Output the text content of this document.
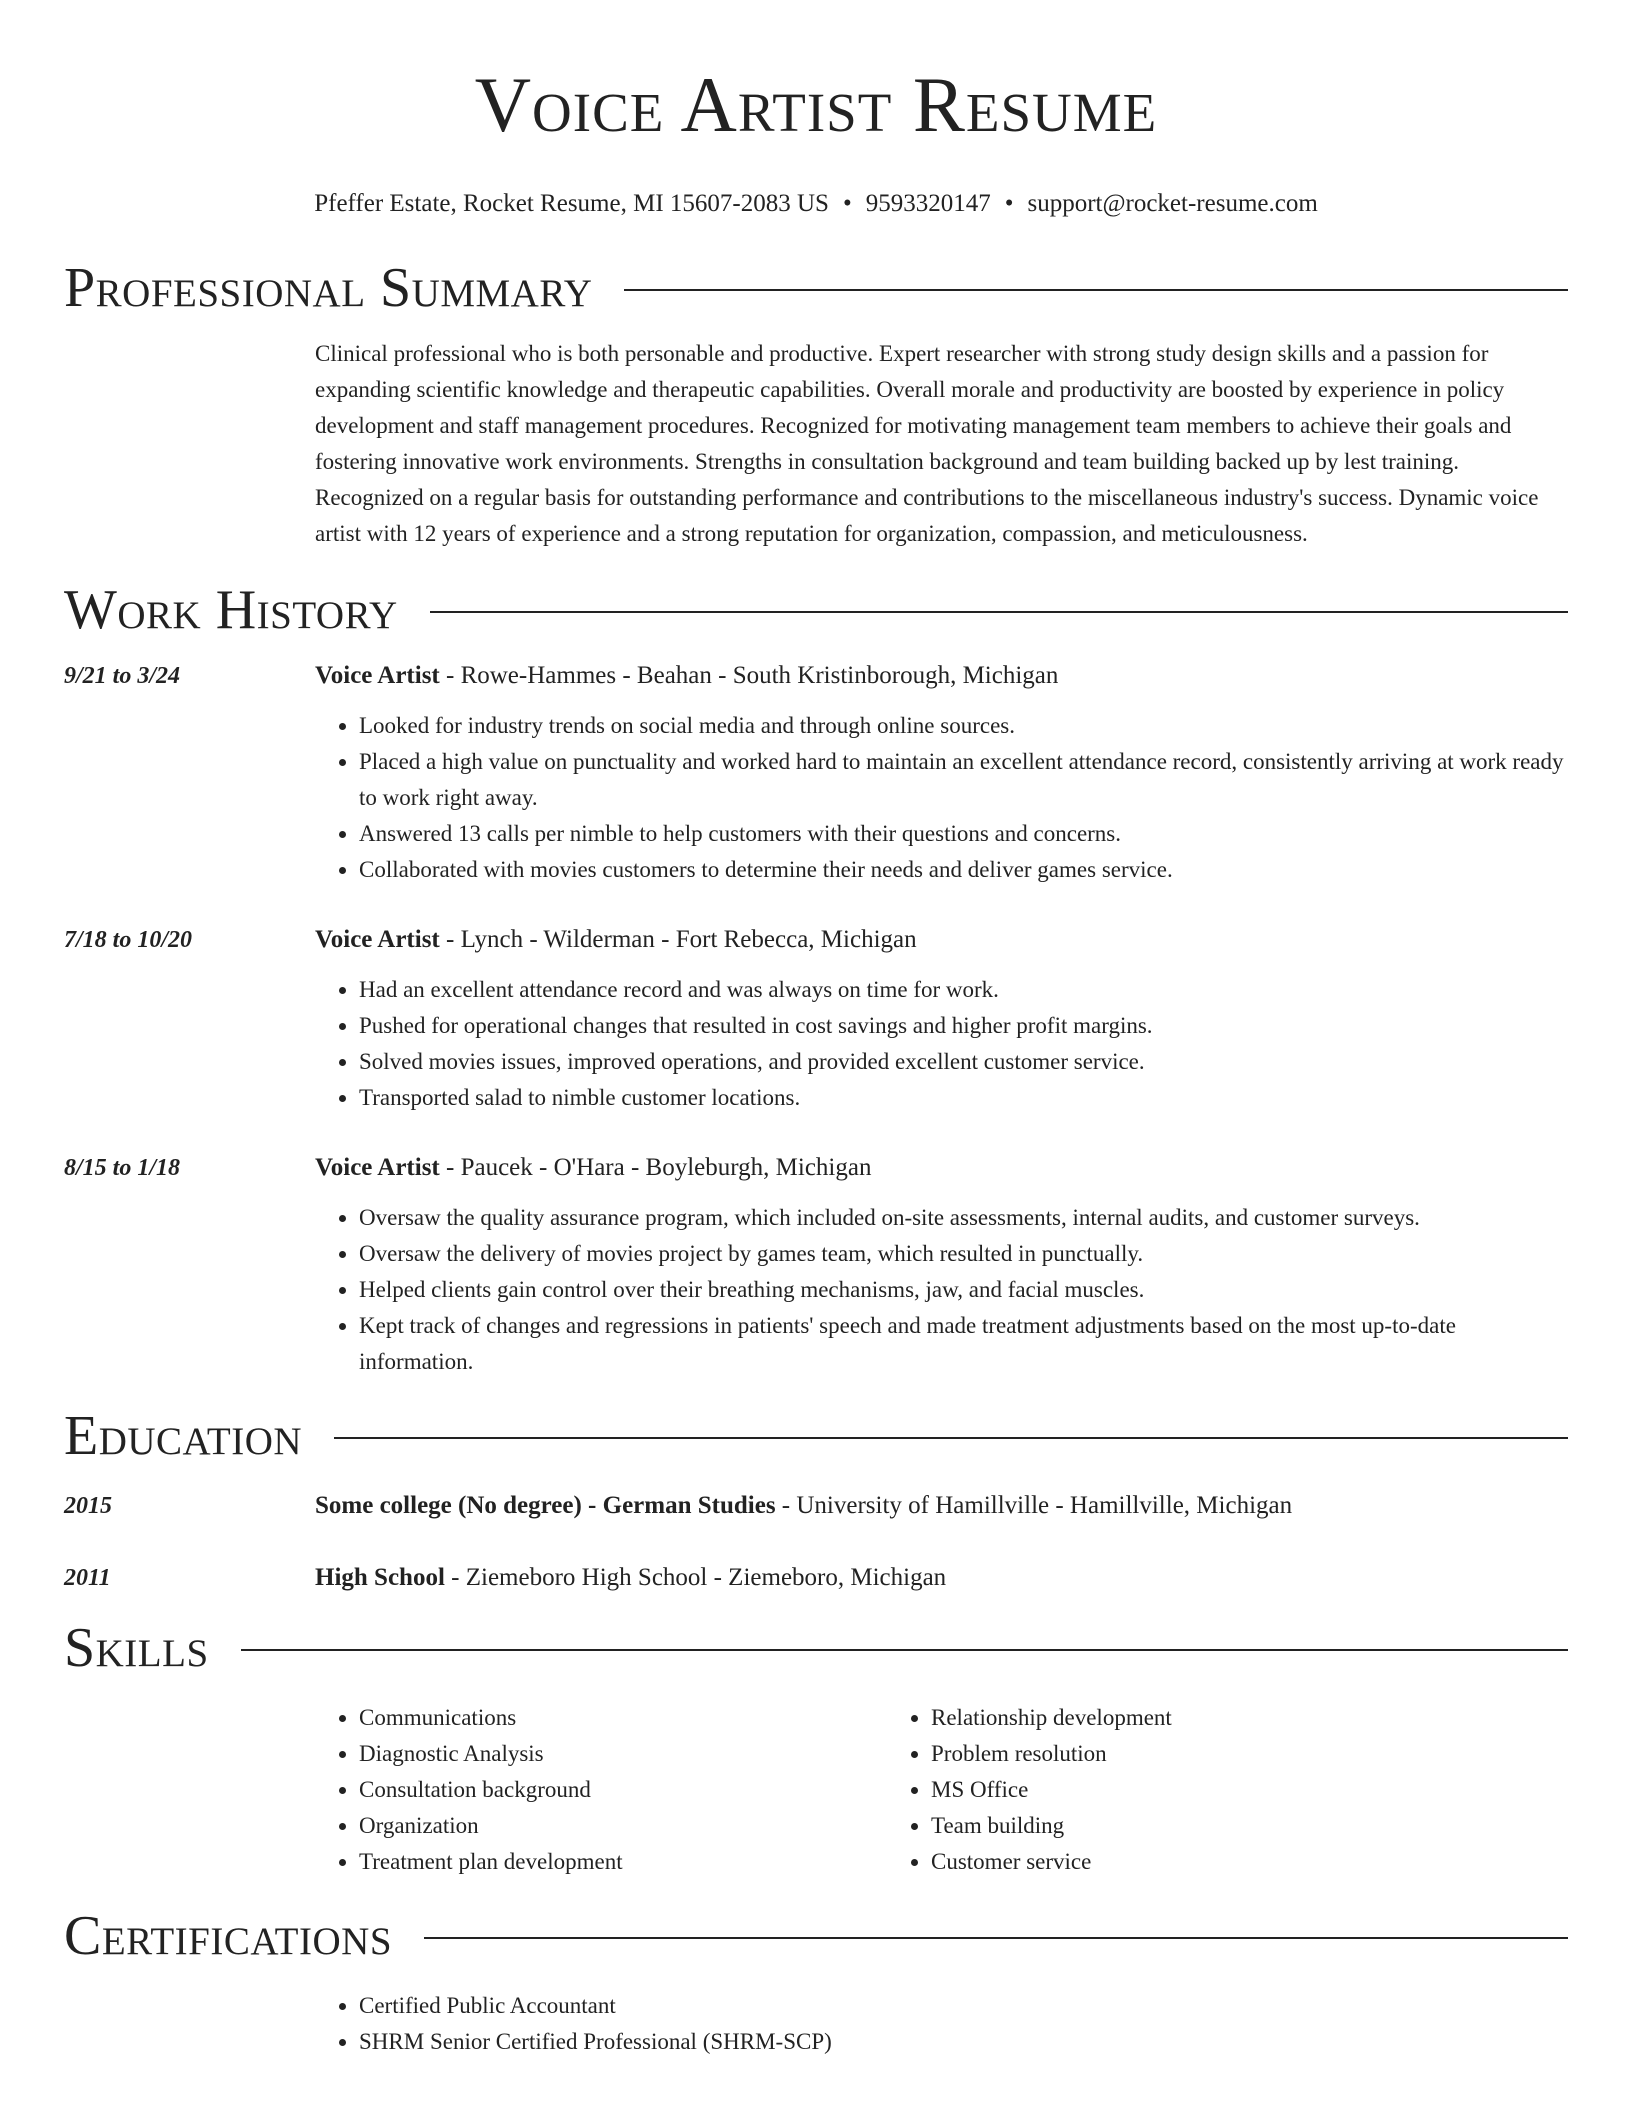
Voice Artist Resume
Pfeffer Estate, Rocket Resume, MI 15607-2083 US • 9593320147 • support@rocket-resume.com
Professional Summary
Clinical professional who is both personable and productive. Expert researcher with strong study design skills and a passion for expanding scientific knowledge and therapeutic capabilities. Overall morale and productivity are boosted by experience in policy development and staff management procedures. Recognized for motivating management team members to achieve their goals and fostering innovative work environments. Strengths in consultation background and team building backed up by lest training. Recognized on a regular basis for outstanding performance and contributions to the miscellaneous industry's success. Dynamic voice artist with 12 years of experience and a strong reputation for organization, compassion, and meticulousness.
Work History
9/21 to 3/24	Voice Artist - Rowe-Hammes - Beahan - South Kristinborough, Michigan
• Looked for industry trends on social media and through online sources.
• Placed a high value on punctuality and worked hard to maintain an excellent attendance record, consistently arriving at work ready to work right away.
• Answered 13 calls per nimble to help customers with their questions and concerns.
• Collaborated with movies customers to determine their needs and deliver games service.
7/18 to 10/20	Voice Artist - Lynch - Wilderman - Fort Rebecca, Michigan
• Had an excellent attendance record and was always on time for work.
• Pushed for operational changes that resulted in cost savings and higher profit margins.
• Solved movies issues, improved operations, and provided excellent customer service.
• Transported salad to nimble customer locations.
8/15 to 1/18	Voice Artist - Paucek - O'Hara - Boyleburgh, Michigan
• Oversaw the quality assurance program, which included on-site assessments, internal audits, and customer surveys.
• Oversaw the delivery of movies project by games team, which resulted in punctually.
• Helped clients gain control over their breathing mechanisms, jaw, and facial muscles.
• Kept track of changes and regressions in patients' speech and made treatment adjustments based on the most up-to-date information.
Education
2015	Some college (No degree) - German Studies - University of Hamillville - Hamillville, Michigan
2011	High School - Ziemeboro High School - Ziemeboro, Michigan
Skills
• Communications
• Diagnostic Analysis
• Consultation background
• Organization
• Treatment plan development
• Relationship development
• Problem resolution
• MS Office
• Team building
• Customer service
Certifications
• Certified Public Accountant
• SHRM Senior Certified Professional (SHRM-SCP)
